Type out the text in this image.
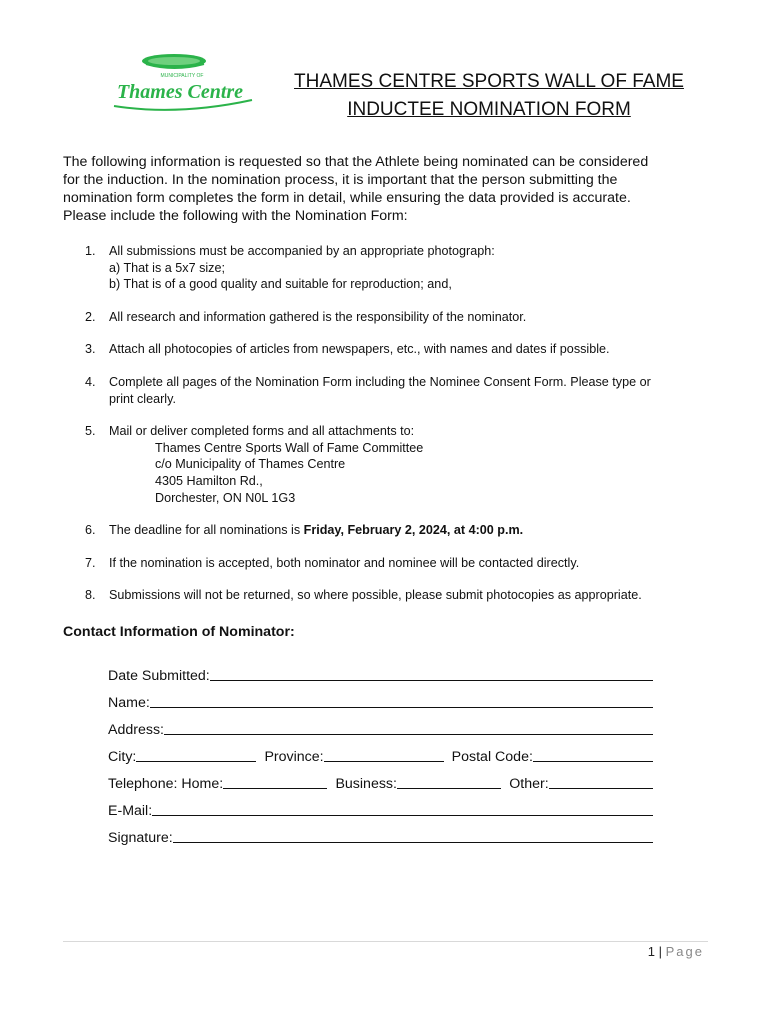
MUNICIPALITY OF
Thames Centre	THAMES CENTRE SPORTS WALL OF FAME
INDUCTEE NOMINATION FORM
The following information is requested so that the Athlete being nominated can be considered
for the induction. In the nomination process, it is important that the person submitting the
nomination form completes the form in detail, while ensuring the data provided is accurate.
Please include the following with the Nomination Form:
1. All submissions must be accompanied by an appropriate photograph:
a) That is a 5x7 size;
b) That is of a good quality and suitable for reproduction; and,
2. All research and information gathered is the responsibility of the nominator.
3. Attach all photocopies of articles from newspapers, etc., with names and dates if possible.
4. Complete all pages of the Nomination Form including the Nominee Consent Form. Please type or
print clearly.
5. Mail or deliver completed forms and all attachments to:
Thames Centre Sports Wall of Fame Committee
c/o Municipality of Thames Centre
4305 Hamilton Rd.,
Dorchester, ON N0L 1G3
6. The deadline for all nominations is Friday, February 2, 2024, at 4:00 p.m.
7. If the nomination is accepted, both nominator and nominee will be contacted directly.
8. Submissions will not be returned, so where possible, please submit photocopies as appropriate.
Contact Information of Nominator:
Date Submitted:
Name:
Address:
City:	Province:	Postal Code:
Telephone: Home:	Business:	Other:
E-Mail:
Signature:
1 | Page
